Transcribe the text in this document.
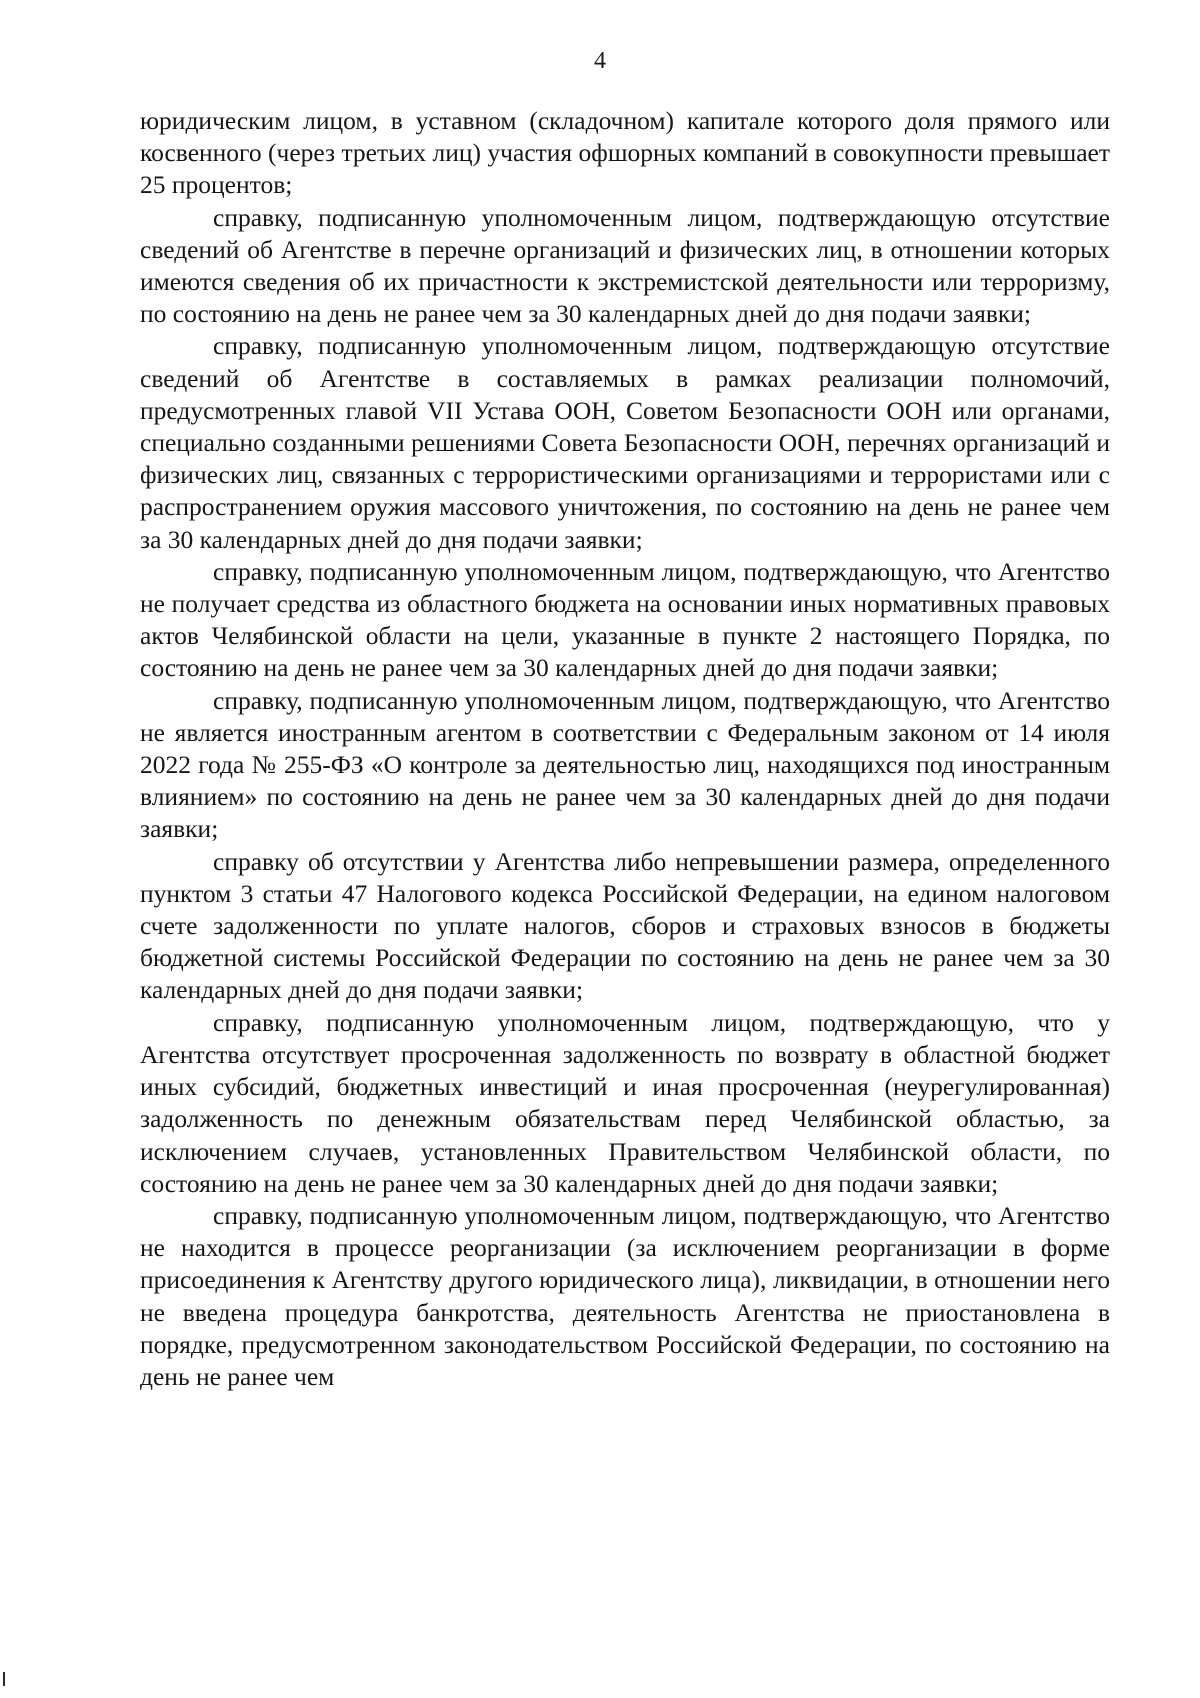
4

юридическим лицом, в уставном (складочном) капитале которого доля прямого или косвенного (через третьих лиц) участия офшорных компаний в совокупности превышает 25 процентов;

справку, подписанную уполномоченным лицом, подтверждающую отсутствие сведений об Агентстве в перечне организаций и физических лиц, в отношении которых имеются сведения об их причастности к экстремистской деятельности или терроризму, по состоянию на день не ранее чем за 30 календарных дней до дня подачи заявки;

справку, подписанную уполномоченным лицом, подтверждающую отсутствие сведений об Агентстве в составляемых в рамках реализации полномочий, предусмотренных главой VII Устава ООН, Советом Безопасности ООН или органами, специально созданными решениями Совета Безопасности ООН, перечнях организаций и физических лиц, связанных с террористическими организациями и террористами или с распространением оружия массового уничтожения, по состоянию на день не ранее чем за 30 календарных дней до дня подачи заявки;

справку, подписанную уполномоченным лицом, подтверждающую, что Агентство не получает средства из областного бюджета на основании иных нормативных правовых актов Челябинской области на цели, указанные в пункте 2 настоящего Порядка, по состоянию на день не ранее чем за 30 календарных дней до дня подачи заявки;

справку, подписанную уполномоченным лицом, подтверждающую, что Агентство не является иностранным агентом в соответствии с Федеральным законом от 14 июля 2022 года № 255-ФЗ «О контроле за деятельностью лиц, находящихся под иностранным влиянием» по состоянию на день не ранее чем за 30 календарных дней до дня подачи заявки;

справку об отсутствии у Агентства либо непревышении размера, определенного пунктом 3 статьи 47 Налогового кодекса Российской Федерации, на едином налоговом счете задолженности по уплате налогов, сборов и страховых взносов в бюджеты бюджетной системы Российской Федерации по состоянию на день не ранее чем за 30 календарных дней до дня подачи заявки;

справку, подписанную уполномоченным лицом, подтверждающую, что у Агентства отсутствует просроченная задолженность по возврату в областной бюджет иных субсидий, бюджетных инвестиций и иная просроченная (неурегулированная) задолженность по денежным обязательствам перед Челябинской областью, за исключением случаев, установленных Правительством Челябинской области, по состоянию на день не ранее чем за 30 календарных дней до дня подачи заявки;

справку, подписанную уполномоченным лицом, подтверждающую, что Агентство не находится в процессе реорганизации (за исключением реорганизации в форме присоединения к Агентству другого юридического лица), ликвидации, в отношении него не введена процедура банкротства, деятельность Агентства не приостановлена в порядке, предусмотренном законодательством Российской Федерации, по состоянию на день не ранее чем
